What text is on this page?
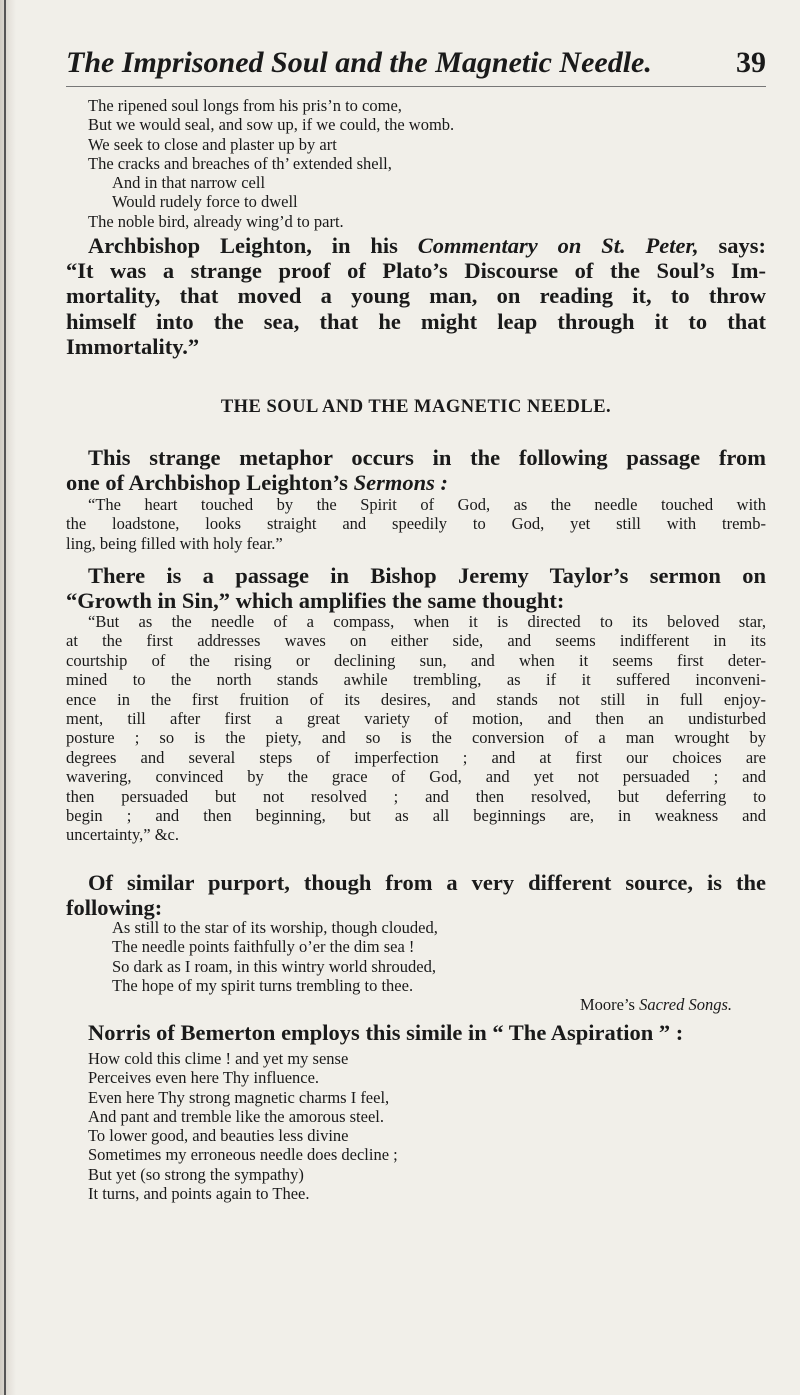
The Imprisoned Soul and the Magnetic Needle.	39
The ripened soul longs from his pris’n to come,
But we would seal, and sow up, if we could, the womb.
We seek to close and plaster up by art
The cracks and breaches of th’ extended shell,
And in that narrow cell
Would rudely force to dwell
The noble bird, already wing’d to part.
Archbishop Leighton, in his Commentary on St. Peter, says:
“It was a strange proof of Plato’s Discourse of the Soul’s Im-
mortality, that moved a young man, on reading it, to throw
himself into the sea, that he might leap through it to that
Immortality.”
THE SOUL AND THE MAGNETIC NEEDLE.
This strange metaphor occurs in the following passage from
one of Archbishop Leighton’s Sermons :
“The heart touched by the Spirit of God, as the needle touched with
the loadstone, looks straight and speedily to God, yet still with tremb-
ling, being filled with holy fear.”
There is a passage in Bishop Jeremy Taylor’s sermon on
“Growth in Sin,” which amplifies the same thought:
“But as the needle of a compass, when it is directed to its beloved star,
at the first addresses waves on either side, and seems indifferent in its
courtship of the rising or declining sun, and when it seems first deter-
mined to the north stands awhile trembling, as if it suffered inconveni-
ence in the first fruition of its desires, and stands not still in full enjoy-
ment, till after first a great variety of motion, and then an undisturbed
posture ; so is the piety, and so is the conversion of a man wrought by
degrees and several steps of imperfection ; and at first our choices are
wavering, convinced by the grace of God, and yet not persuaded ; and
then persuaded but not resolved ; and then resolved, but deferring to
begin ; and then beginning, but as all beginnings are, in weakness and
uncertainty,” &c.
Of similar purport, though from a very different source, is the
following:
As still to the star of its worship, though clouded,
The needle points faithfully o’er the dim sea !
So dark as I roam, in this wintry world shrouded,
The hope of my spirit turns trembling to thee.
Moore’s Sacred Songs.
Norris of Bemerton employs this simile in “ The Aspiration ” :
How cold this clime ! and yet my sense
Perceives even here Thy influence.
Even here Thy strong magnetic charms I feel,
And pant and tremble like the amorous steel.
To lower good, and beauties less divine
Sometimes my erroneous needle does decline ;
But yet (so strong the sympathy)
It turns, and points again to Thee.
